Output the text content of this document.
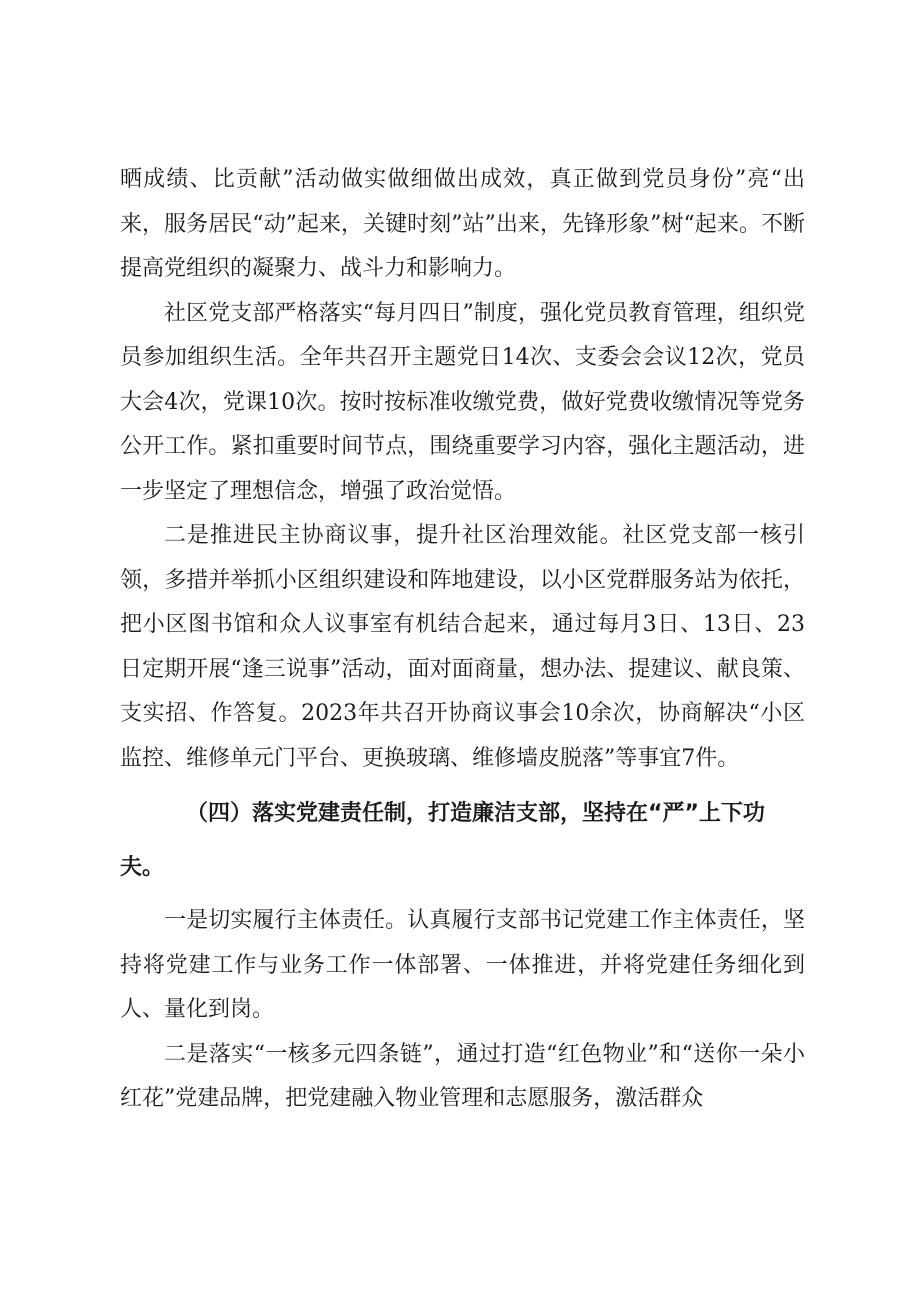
晒成绩、比贡献”活动做实做细做出成效，真正做到党员身份”亮“出来，服务居民“动”起来，关键时刻”站”出来，先锋形象”树“起来。不断提高党组织的凝聚力、战斗力和影响力。

社区党支部严格落实“每月四日”制度，强化党员教育管理，组织党员参加组织生活。全年共召开主题党日14次、支委会会议12次，党员大会4次，党课10次。按时按标准收缴党费，做好党费收缴情况等党务公开工作。紧扣重要时间节点，围绕重要学习内容，强化主题活动，进一步坚定了理想信念，增强了政治觉悟。

二是推进民主协商议事，提升社区治理效能。社区党支部一核引领，多措并举抓小区组织建设和阵地建设，以小区党群服务站为依托，把小区图书馆和众人议事室有机结合起来，通过每月3日、13日、23日定期开展“逢三说事”活动，面对面商量，想办法、提建议、献良策、支实招、作答复。2023年共召开协商议事会10余次，协商解决“小区监控、维修单元门平台、更换玻璃、维修墙皮脱落”等事宜7件。

（四）落实党建责任制，打造廉洁支部，坚持在“严”上下功夫。

一是切实履行主体责任。认真履行支部书记党建工作主体责任，坚持将党建工作与业务工作一体部署、一体推进，并将党建任务细化到人、量化到岗。

二是落实“一核多元四条链”，通过打造“红色物业”和“送你一朵小红花”党建品牌，把党建融入物业管理和志愿服务，激活群众
